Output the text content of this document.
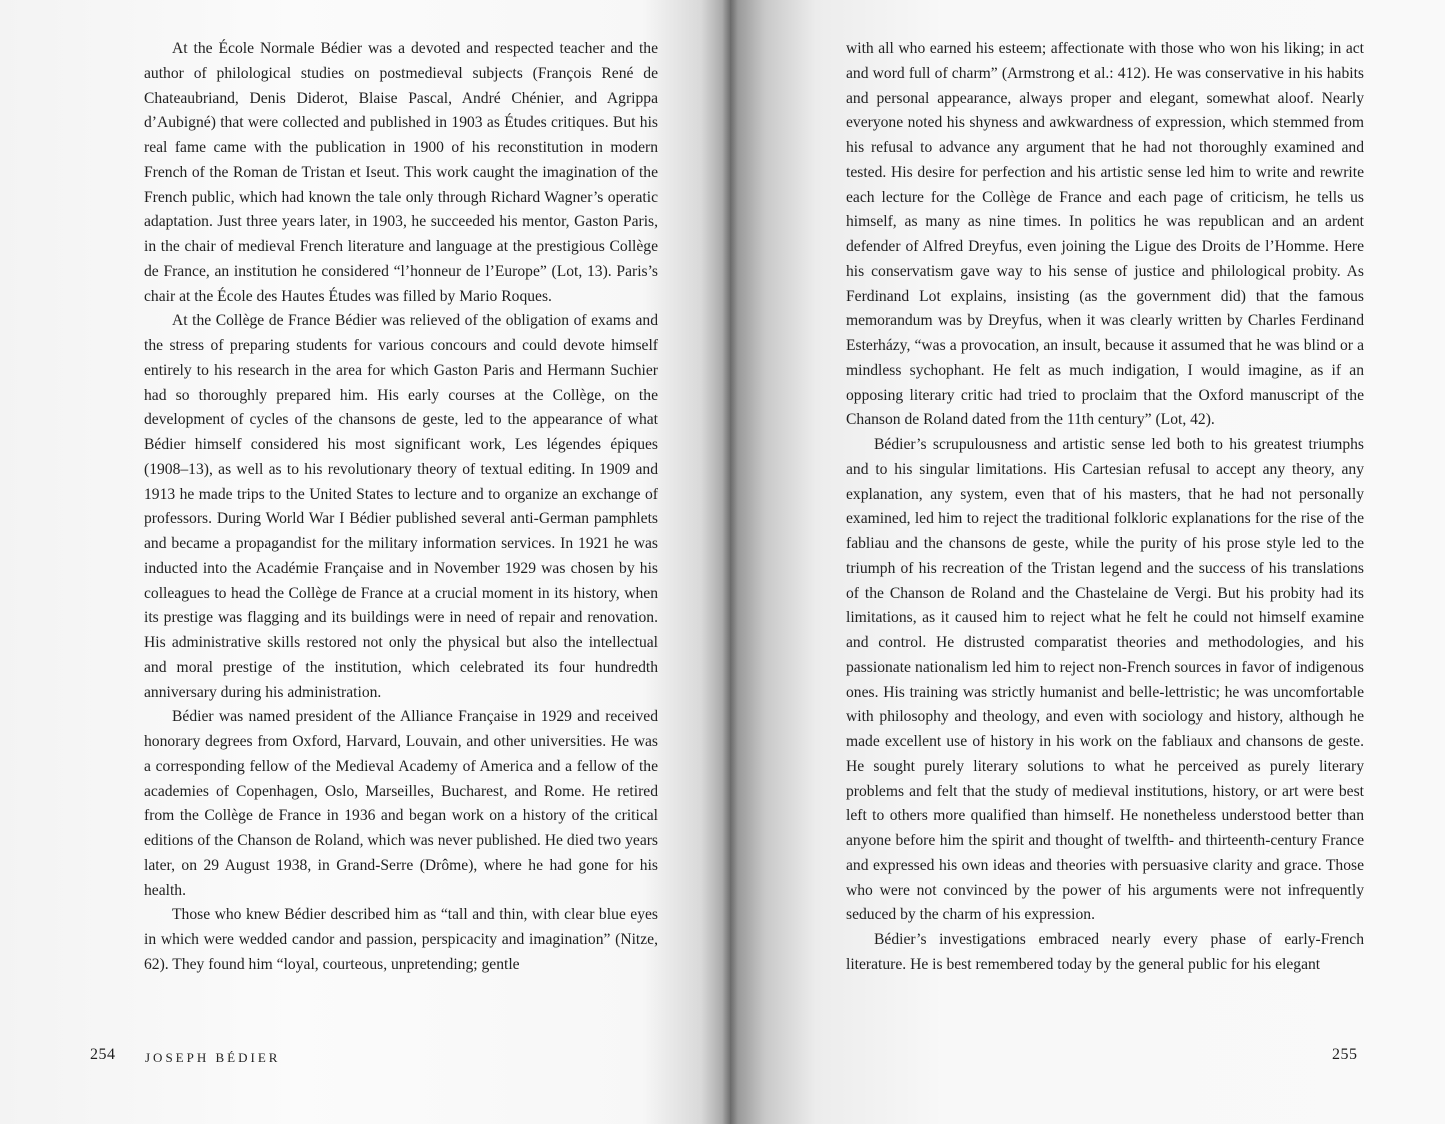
At the École Normale Bédier was a devoted and respected teacher and the author of philological studies on postmedieval subjects (François René de Chateaubriand, Denis Diderot, Blaise Pascal, André Chénier, and Agrippa d’Aubigné) that were collected and published in 1903 as Études critiques. But his real fame came with the publication in 1900 of his reconstitution in modern French of the Roman de Tristan et Iseut. This work caught the imagination of the French public, which had known the tale only through Richard Wagner’s operatic adaptation. Just three years later, in 1903, he succeeded his mentor, Gaston Paris, in the chair of medieval French literature and language at the prestigious Collège de France, an institution he considered “l’honneur de l’Europe” (Lot, 13). Paris’s chair at the École des Hautes Études was filled by Mario Roques.

At the Collège de France Bédier was relieved of the obligation of exams and the stress of preparing students for various concours and could devote himself entirely to his research in the area for which Gaston Paris and Hermann Suchier had so thoroughly prepared him. His early courses at the Collège, on the development of cycles of the chansons de geste, led to the appearance of what Bédier himself considered his most significant work, Les légendes épiques (1908–13), as well as to his revolutionary theory of textual editing. In 1909 and 1913 he made trips to the United States to lecture and to organize an exchange of professors. During World War I Bédier published several anti-German pamphlets and became a propagandist for the military information services. In 1921 he was inducted into the Académie Française and in November 1929 was chosen by his colleagues to head the Collège de France at a crucial moment in its history, when its prestige was flagging and its buildings were in need of repair and renovation. His administrative skills restored not only the physical but also the intellectual and moral prestige of the institution, which celebrated its four hundredth anniversary during his administration.

Bédier was named president of the Alliance Française in 1929 and received honorary degrees from Oxford, Harvard, Louvain, and other universities. He was a corresponding fellow of the Medieval Academy of America and a fellow of the academies of Copenhagen, Oslo, Marseilles, Bucharest, and Rome. He retired from the Collège de France in 1936 and began work on a history of the critical editions of the Chanson de Roland, which was never published. He died two years later, on 29 August 1938, in Grand-Serre (Drôme), where he had gone for his health.

Those who knew Bédier described him as “tall and thin, with clear blue eyes in which were wedded candor and passion, perspicacity and imagination” (Nitze, 62). They found him “loyal, courteous, unpretending; gentle

254 JOSEPH BÉDIER

with all who earned his esteem; affectionate with those who won his liking; in act and word full of charm” (Armstrong et al.: 412). He was conservative in his habits and personal appearance, always proper and elegant, somewhat aloof. Nearly everyone noted his shyness and awkwardness of expression, which stemmed from his refusal to advance any argument that he had not thoroughly examined and tested. His desire for perfection and his artistic sense led him to write and rewrite each lecture for the Collège de France and each page of criticism, he tells us himself, as many as nine times. In politics he was republican and an ardent defender of Alfred Dreyfus, even joining the Ligue des Droits de l’Homme. Here his conservatism gave way to his sense of justice and philological probity. As Ferdinand Lot explains, insisting (as the government did) that the famous memorandum was by Dreyfus, when it was clearly written by Charles Ferdinand Esterházy, “was a provocation, an insult, because it assumed that he was blind or a mindless sychophant. He felt as much indigation, I would imagine, as if an opposing literary critic had tried to proclaim that the Oxford manuscript of the Chanson de Roland dated from the 11th century” (Lot, 42).

Bédier’s scrupulousness and artistic sense led both to his greatest triumphs and to his singular limitations. His Cartesian refusal to accept any theory, any explanation, any system, even that of his masters, that he had not personally examined, led him to reject the traditional folkloric explanations for the rise of the fabliau and the chansons de geste, while the purity of his prose style led to the triumph of his recreation of the Tristan legend and the success of his translations of the Chanson de Roland and the Chastelaine de Vergi. But his probity had its limitations, as it caused him to reject what he felt he could not himself examine and control. He distrusted comparatist theories and methodologies, and his passionate nationalism led him to reject non-French sources in favor of indigenous ones. His training was strictly humanist and belle-lettristic; he was uncomfortable with philosophy and theology, and even with sociology and history, although he made excellent use of history in his work on the fabliaux and chansons de geste. He sought purely literary solutions to what he perceived as purely literary problems and felt that the study of medieval institutions, history, or art were best left to others more qualified than himself. He nonetheless understood better than anyone before him the spirit and thought of twelfth- and thirteenth-century France and expressed his own ideas and theories with persuasive clarity and grace. Those who were not convinced by the power of his arguments were not infrequently seduced by the charm of his expression.

Bédier’s investigations embraced nearly every phase of early-French literature. He is best remembered today by the general public for his elegant

255
